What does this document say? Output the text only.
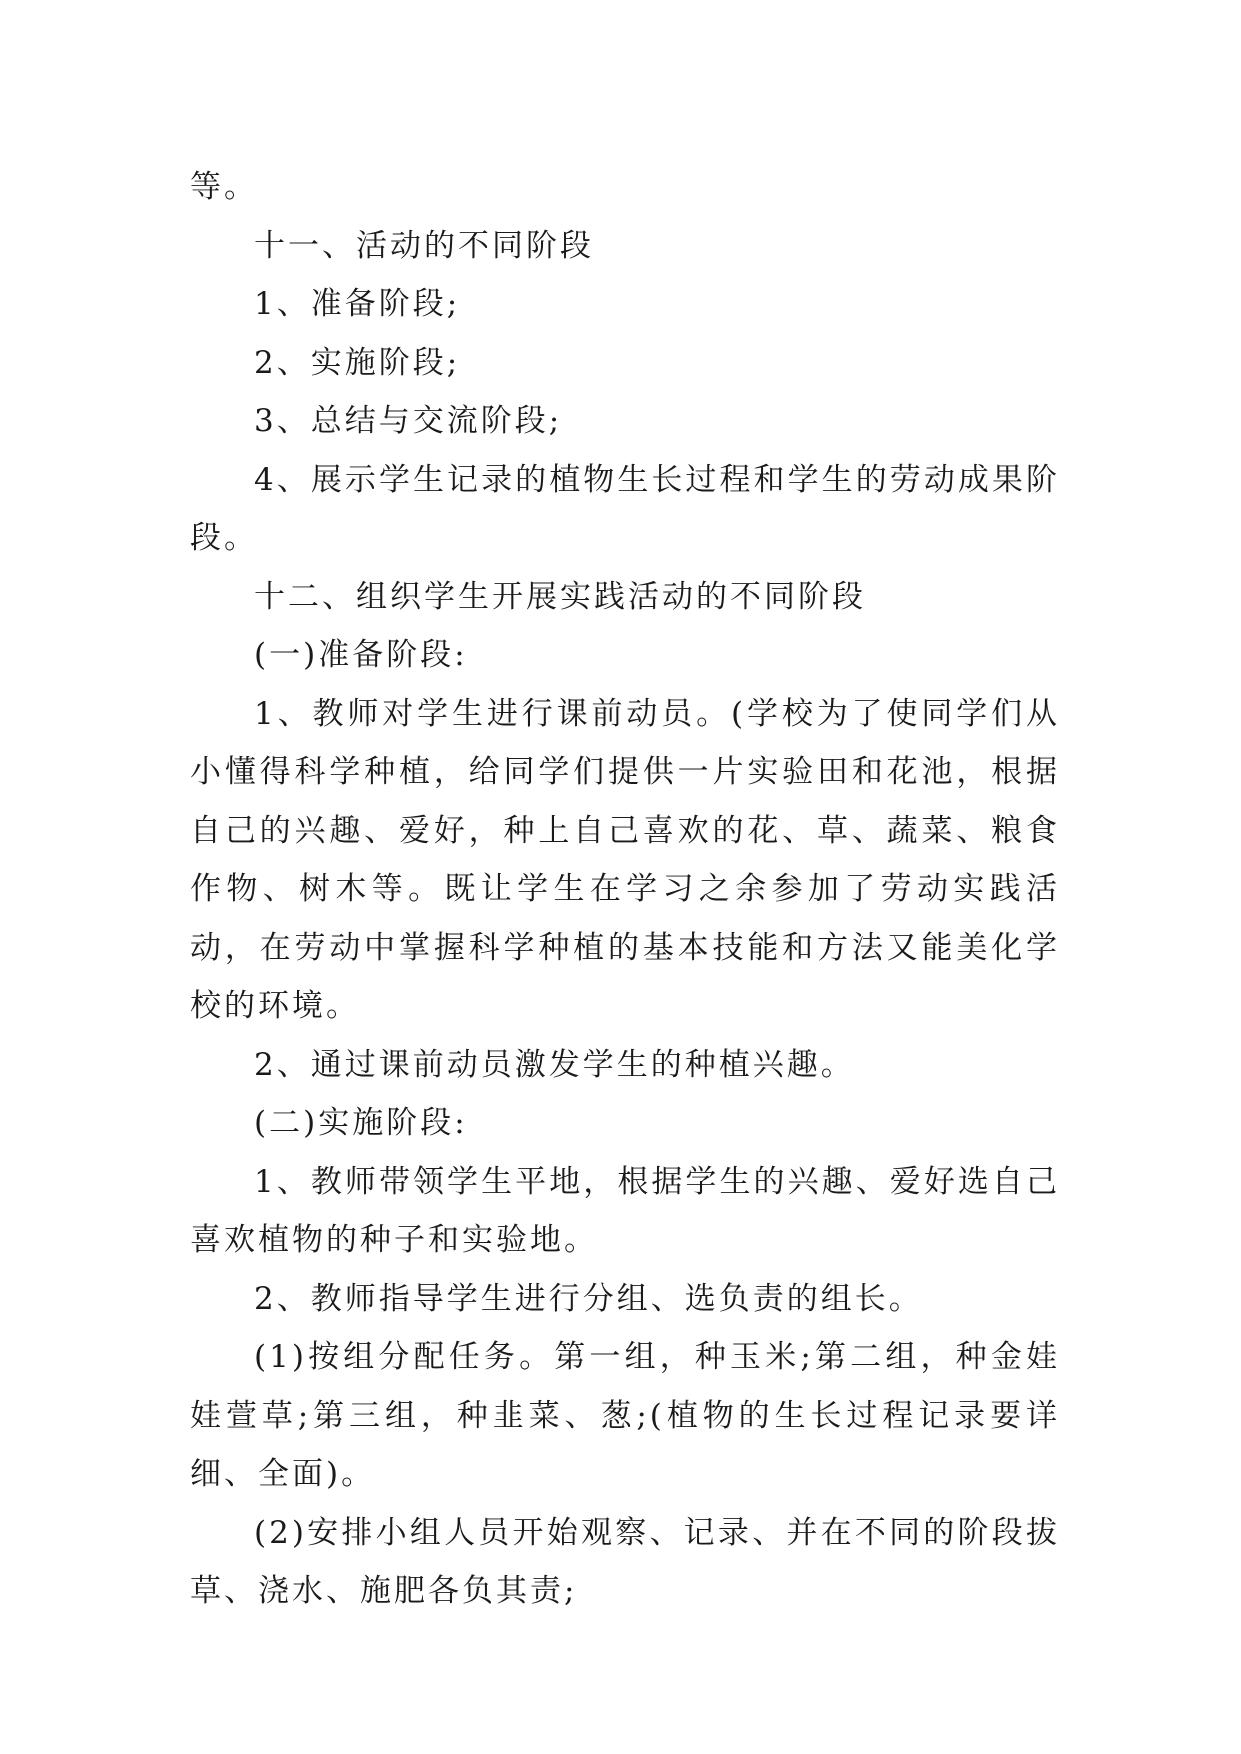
等。

十一、活动的不同阶段

1、准备阶段;

2、实施阶段;

3、总结与交流阶段;

4、展示学生记录的植物生长过程和学生的劳动成果阶段。

十二、组织学生开展实践活动的不同阶段

(一)准备阶段:

1、教师对学生进行课前动员。(学校为了使同学们从小懂得科学种植，给同学们提供一片实验田和花池，根据自己的兴趣、爱好，种上自己喜欢的花、草、蔬菜、粮食作物、树木等。既让学生在学习之余参加了劳动实践活动，在劳动中掌握科学种植的基本技能和方法又能美化学校的环境。

2、通过课前动员激发学生的种植兴趣。

(二)实施阶段:

1、教师带领学生平地，根据学生的兴趣、爱好选自己喜欢植物的种子和实验地。

2、教师指导学生进行分组、选负责的组长。

(1)按组分配任务。第一组，种玉米;第二组，种金娃娃萱草;第三组，种韭菜、葱;(植物的生长过程记录要详细、全面)。

(2)安排小组人员开始观察、记录、并在不同的阶段拔草、浇水、施肥各负其责;
